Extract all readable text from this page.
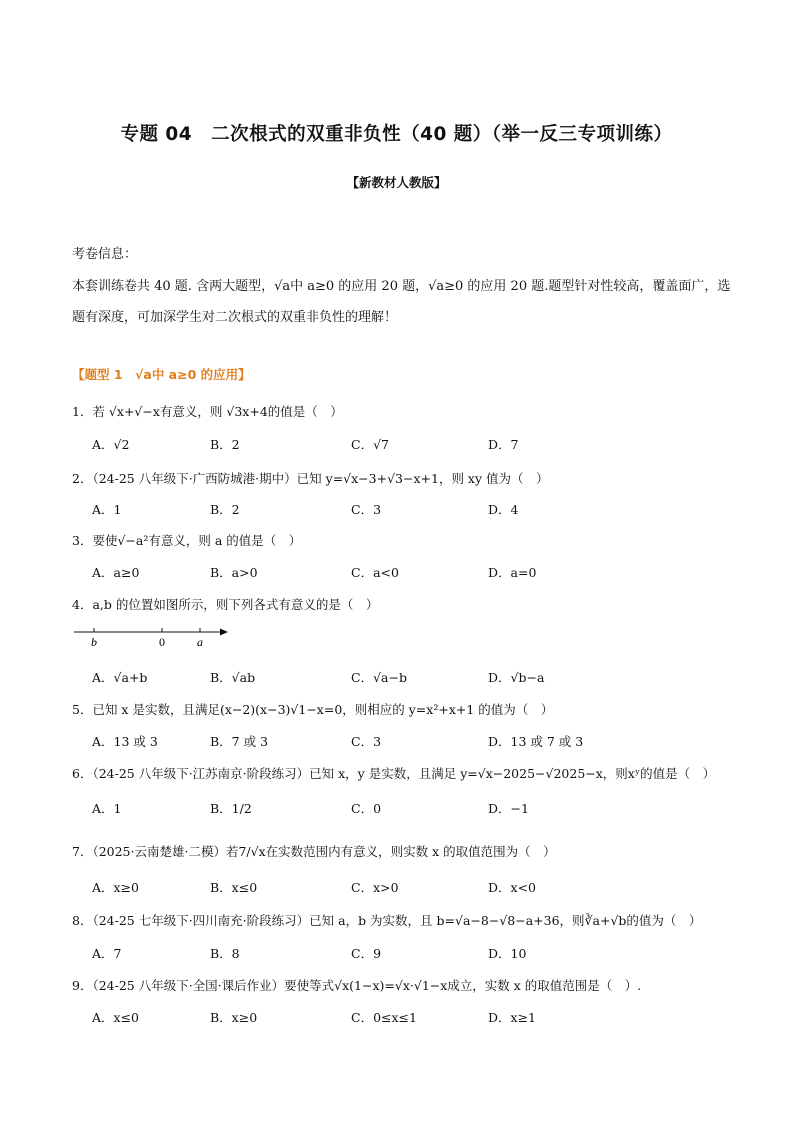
专题 04　二次根式的双重非负性（40 题）（举一反三专项训练）
【新教材人教版】
考卷信息：
本套训练卷共 40 题. 含两大题型，√a中 a≥0 的应用 20 题，√a≥0 的应用 20 题.题型针对性较高，覆盖面广，选题有深度，可加深学生对二次根式的双重非负性的理解！
【题型 1　√a中 a≥0 的应用】
1．若 √x+√−x有意义，则 √3x+4的值是（　）
A．√2	B．2	C．√7	D．7
2．（24-25 八年级下·广西防城港·期中）已知 y=√x−3+√3−x+1，则 xy 值为（　）
A．1	B．2	C．3	D．4
3．要使√−a²有意义，则 a 的值是（　）
A．a≥0	B．a>0	C．a<0	D．a=0
4．a,b 的位置如图所示，则下列各式有意义的是（　）
b	0	a
A．√a+b	B．√ab	C．√a−b	D．√b−a
5．已知 x 是实数，且满足(x−2)(x−3)√1−x=0，则相应的 y=x²+x+1 的值为（　）
A．13 或 3	B．7 或 3	C．3	D．13 或 7 或 3
6．（24-25 八年级下·江苏南京·阶段练习）已知 x，y 是实数，且满足 y=√x−2025−√2025−x，则xʸ的值是（　）
A．1	B．1/2	C．0	D．−1
7．（2025·云南楚雄·二模）若7/√x在实数范围内有意义，则实数 x 的取值范围为（　）
A．x≥0	B．x≤0	C．x>0	D．x<0
8．（24-25 七年级下·四川南充·阶段练习）已知 a，b 为实数，且 b=√a−8−√8−a+36，则∛a+√b的值为（　）
A．7	B．8	C．9	D．10
9．（24-25 八年级下·全国·课后作业）要使等式√x(1−x)=√x·√1−x成立，实数 x 的取值范围是（　）.
A．x≤0	B．x≥0	C．0≤x≤1	D．x≥1
